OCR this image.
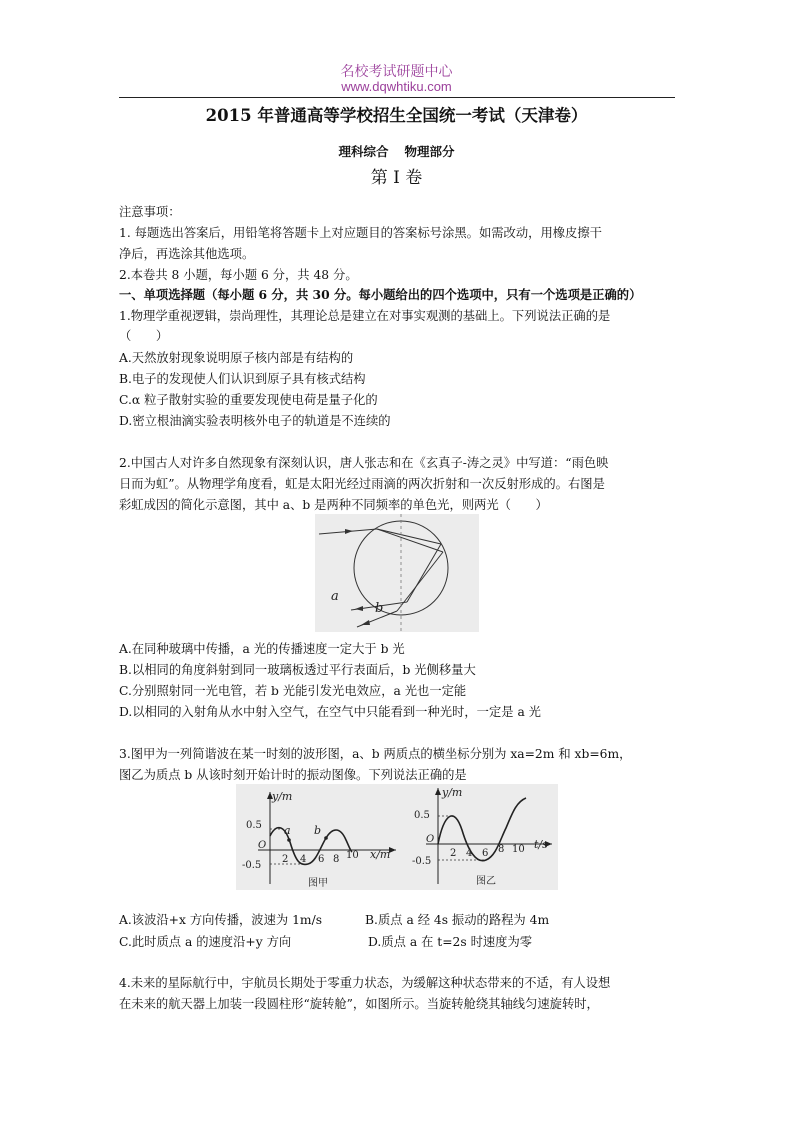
名校考试研题中心
www.dqwhtiku.com
2015 年普通高等学校招生全国统一考试（天津卷）
理科综合 物理部分
第 I 卷
注意事项：
1. 每题选出答案后，用铅笔将答题卡上对应题目的答案标号涂黑。如需改动，用橡皮擦干
净后，再选涂其他选项。
2.本卷共 8 小题，每小题 6 分，共 48 分。
一、单项选择题（每小题 6 分，共 30 分。每小题给出的四个选项中，只有一个选项是正确的）
1.物理学重视逻辑，崇尚理性，其理论总是建立在对事实观测的基础上。下列说法正确的是
（　　）
A.天然放射现象说明原子核内部是有结构的
B.电子的发现使人们认识到原子具有核式结构
C.α 粒子散射实验的重要发现使电荷是量子化的
D.密立根油滴实验表明核外电子的轨道是不连续的
2.中国古人对许多自然现象有深刻认识，唐人张志和在《玄真子-涛之灵》中写道：“雨色映
日而为虹”。从物理学角度看，虹是太阳光经过雨滴的两次折射和一次反射形成的。右图是
彩虹成因的简化示意图，其中 a、b 是两种不同频率的单色光，则两光（　　）
a
b
A.在同种玻璃中传播，a 光的传播速度一定大于 b 光
B.以相同的角度斜射到同一玻璃板透过平行表面后，b 光侧移量大
C.分别照射同一光电管，若 b 光能引发光电效应，a 光也一定能
D.以相同的入射角从水中射入空气，在空气中只能看到一种光时，一定是 a 光
3.图甲为一列简谐波在某一时刻的波形图，a、b 两质点的横坐标分别为 xa=2m 和 xb=6m，
图乙为质点 b 从该时刻开始计时的振动图像。下列说法正确的是
y/m
x/m
O
0.5
-0.5
2 4 6 8 10
a b
图甲
y/m
t/s
O
0.5
-0.5
2 4 6 8 10
图乙
A.该波沿+x 方向传播，波速为 1m/s	B.质点 a 经 4s 振动的路程为 4m
C.此时质点 a 的速度沿+y 方向	D.质点 a 在 t=2s 时速度为零
4.未来的星际航行中，宇航员长期处于零重力状态，为缓解这种状态带来的不适，有人设想
在未来的航天器上加装一段圆柱形“旋转舱”，如图所示。当旋转舱绕其轴线匀速旋转时，
